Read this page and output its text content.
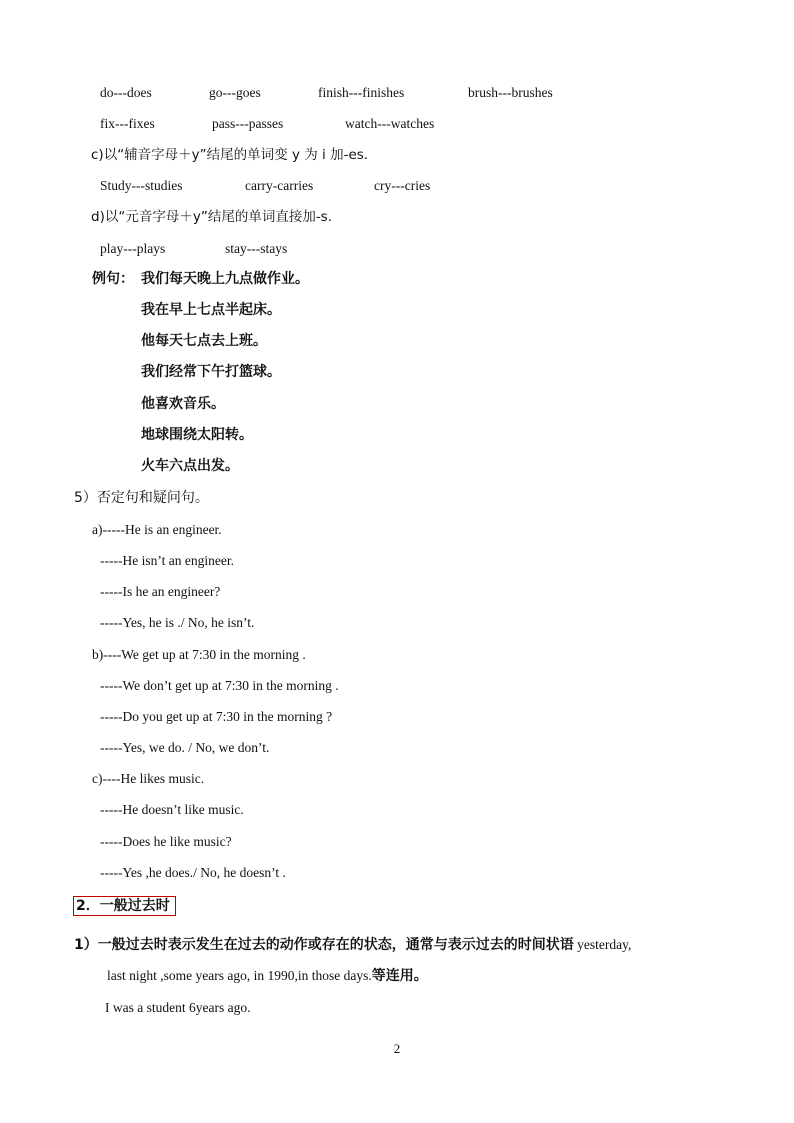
do---does	go---goes	finish---finishes	brush---brushes
fix---fixes	pass---passes	watch---watches
c)以“辅音字母＋y”结尾的单词变 y 为 i 加-es.
Study---studies	carry-carries	cry---cries
d)以“元音字母＋y”结尾的单词直接加-s.
play---plays	stay---stays
例句： 我们每天晚上九点做作业。
我在早上七点半起床。
他每天七点去上班。
我们经常下午打篮球。
他喜欢音乐。
地球围绕太阳转。
火车六点出发。
5）否定句和疑问句。
a)-----He is an engineer.
-----He isn’t an engineer.
-----Is he an engineer?
-----Yes, he is ./ No, he isn’t.
b)----We get up at 7:30 in the morning .
-----We don’t get up at 7:30 in the morning .
-----Do you get up at 7:30 in the morning ?
-----Yes, we do. / No, we don’t.
c)----He likes music.
-----He doesn’t like music.
-----Does he like music?
-----Yes ,he does./ No, he doesn’t .
2．一般过去时
1）一般过去时表示发生在过去的动作或存在的状态，通常与表示过去的时间状语 yesterday,
last night ,some years ago, in 1990,in those days.等连用。
I was a student 6years ago.
2
